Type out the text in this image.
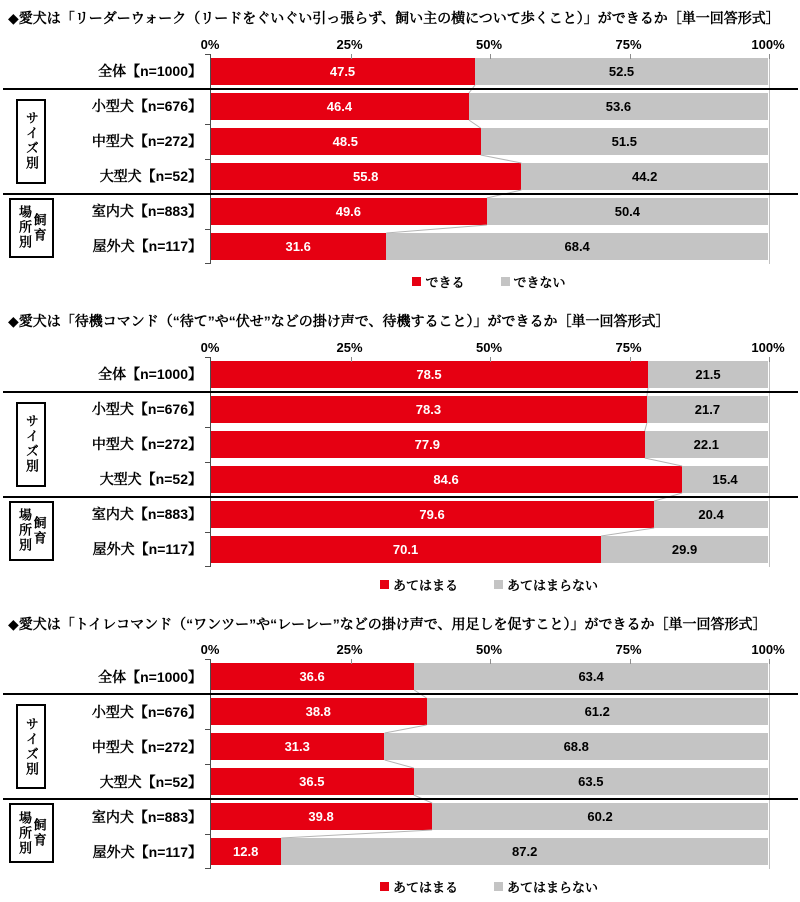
◆愛犬は「リーダーウォーク（リードをぐいぐい引っ張らず、飼い主の横について歩くこと）」ができるか［単一回答形式］
0%	25%	50%	75%	100%
全体【n=1000】	47.5	52.5
小型犬【n=676】	46.4	53.6
中型犬【n=272】	48.5	51.5
大型犬【n=52】	55.8	44.2
室内犬【n=883】	49.6	50.4
屋外犬【n=117】	31.6	68.4
サイズ別
場所別 飼育
できる	できない
◆愛犬は「待機コマンド（“待て”や“伏せ”などの掛け声で、待機すること）」ができるか［単一回答形式］
0%	25%	50%	75%	100%
全体【n=1000】	78.5	21.5
小型犬【n=676】	78.3	21.7
中型犬【n=272】	77.9	22.1
大型犬【n=52】	84.6	15.4
室内犬【n=883】	79.6	20.4
屋外犬【n=117】	70.1	29.9
サイズ別
場所別 飼育
あてはまる	あてはまらない
◆愛犬は「トイレコマンド（“ワンツー”や“レーレー”などの掛け声で、用足しを促すこと）」ができるか［単一回答形式］
0%	25%	50%	75%	100%
全体【n=1000】	36.6	63.4
小型犬【n=676】	38.8	61.2
中型犬【n=272】	31.3	68.8
大型犬【n=52】	36.5	63.5
室内犬【n=883】	39.8	60.2
屋外犬【n=117】	12.8	87.2
サイズ別
場所別 飼育
あてはまる	あてはまらない
